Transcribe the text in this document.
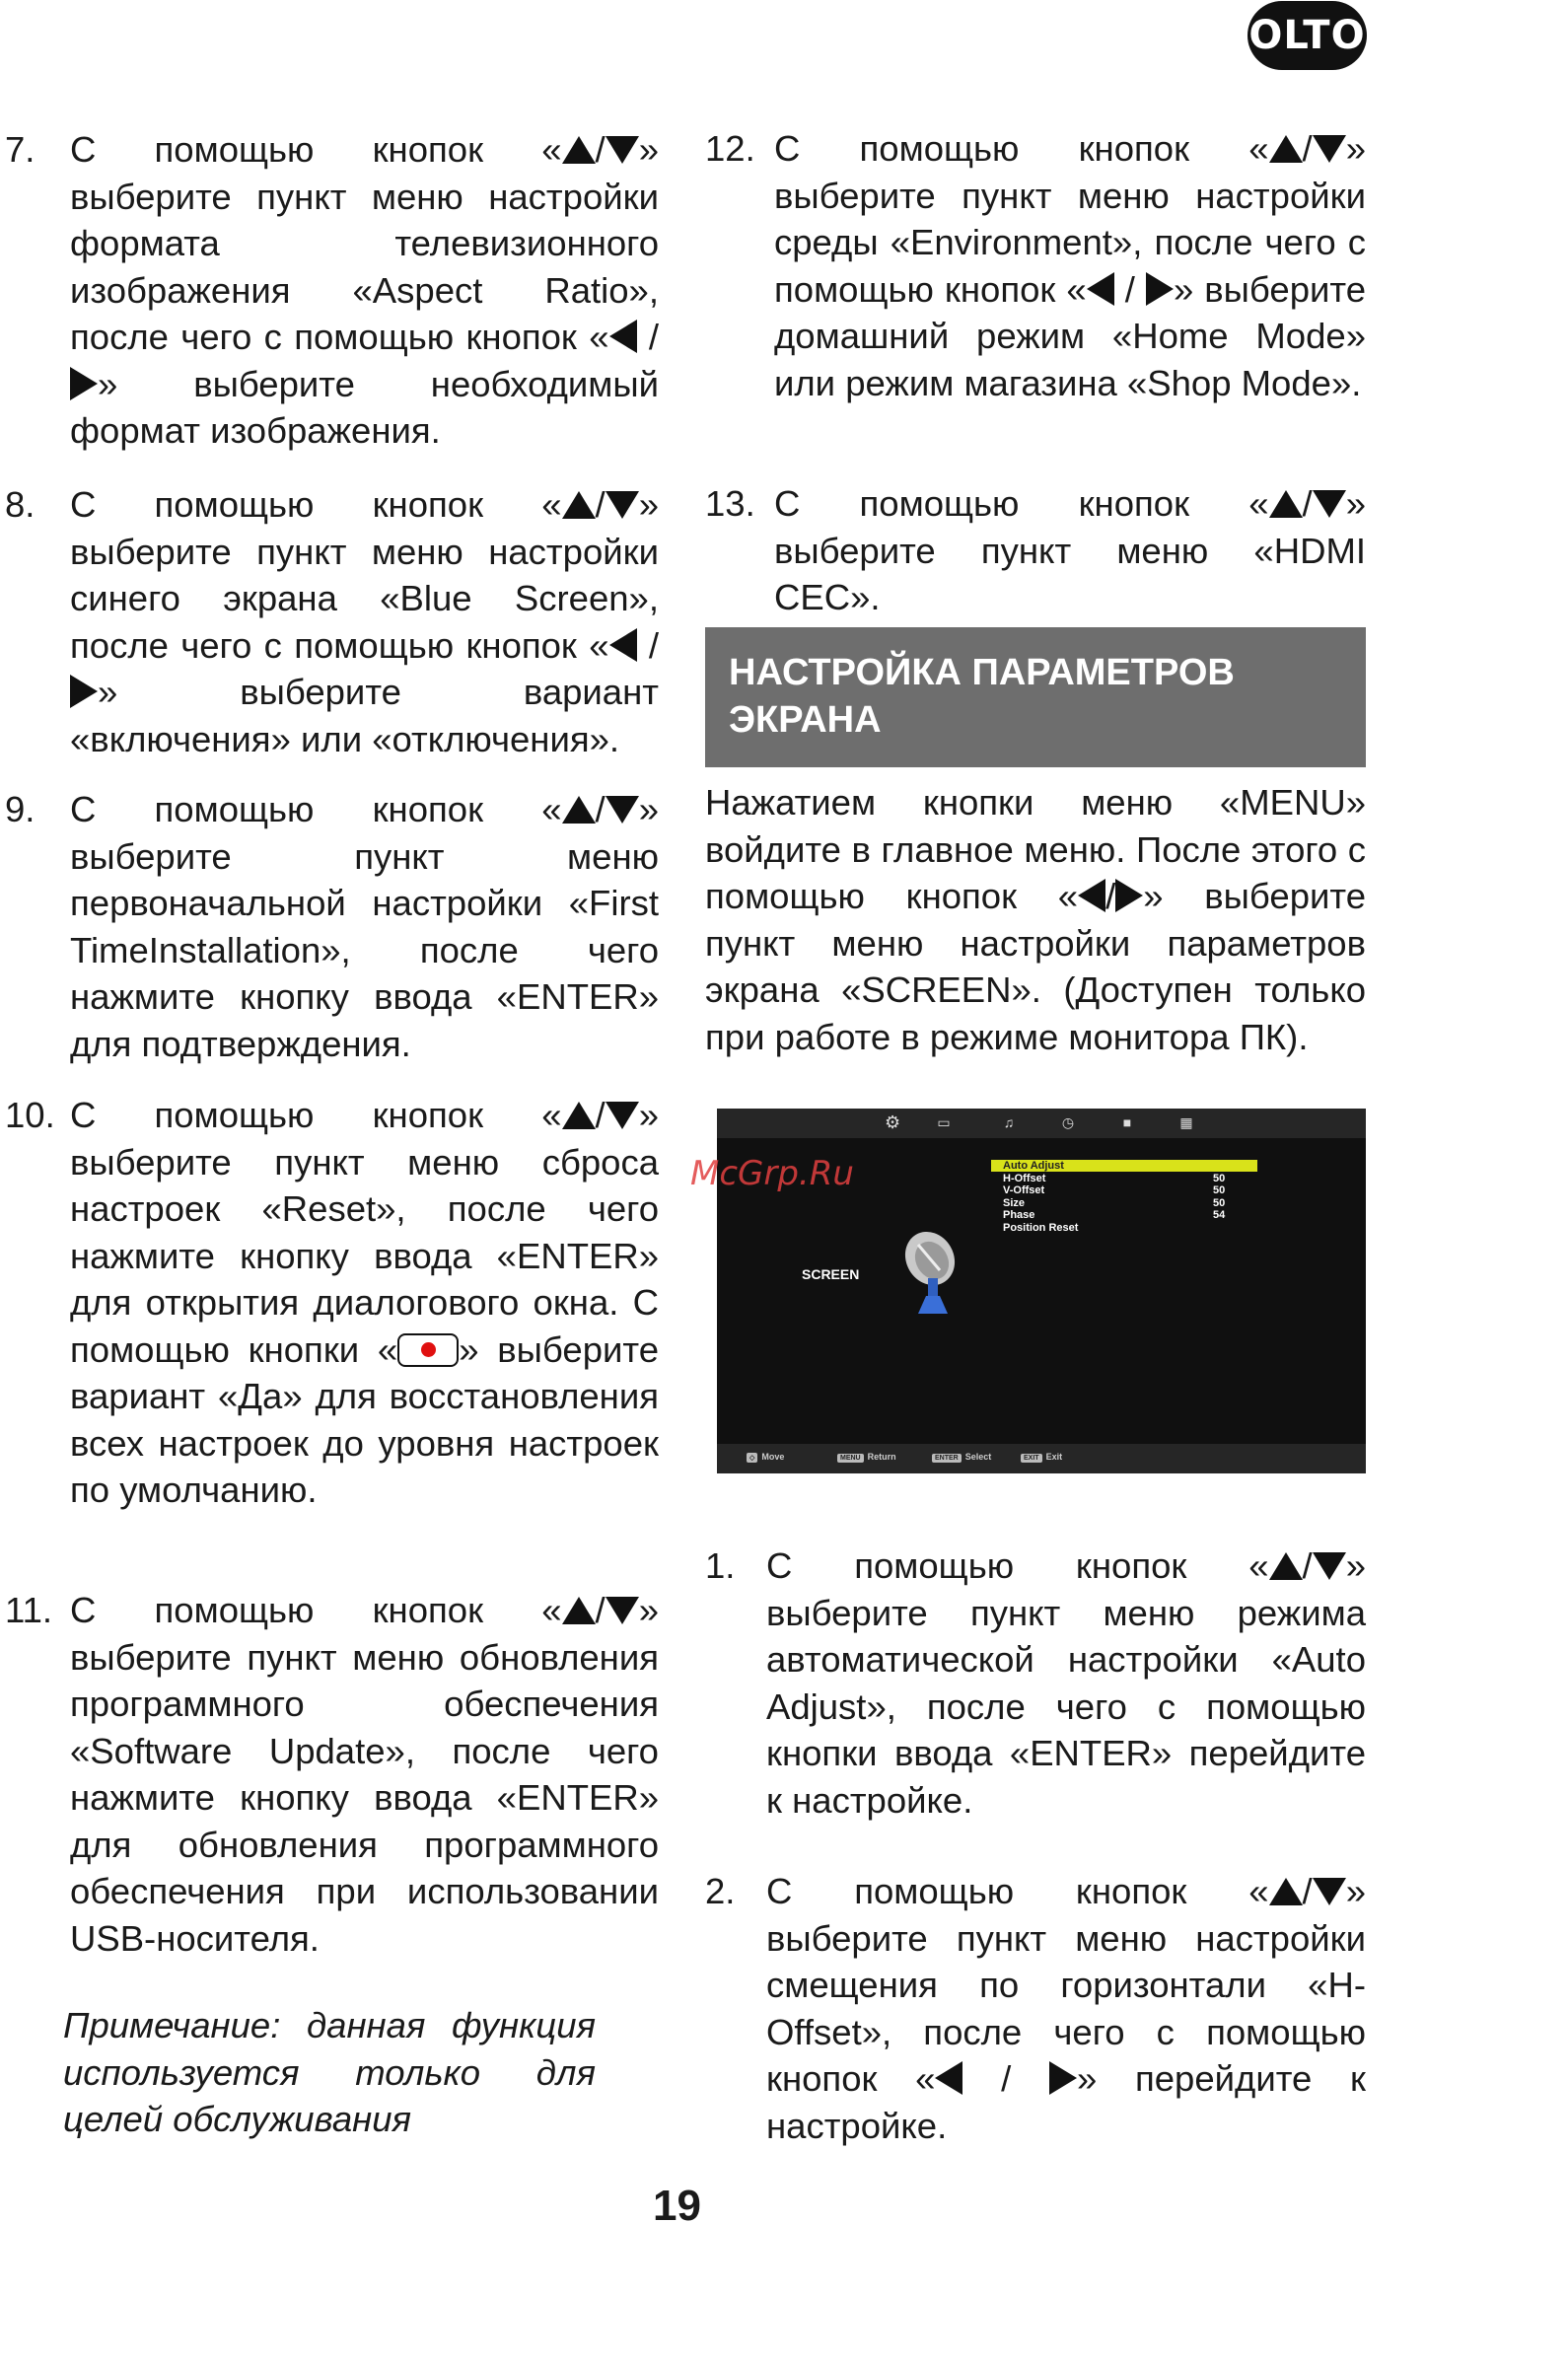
OLTO
7. С помощью кнопок « / » выберите пункт меню настройки формата телевизионного изображения «Aspect Ratio», после чего с помощью кнопок « / » выберите необходимый формат изображения.
8. С помощью кнопок « / » выберите пункт меню настройки синего экрана «Blue Screen», после чего с помощью кнопок « / » выберите вариант «включения» или «отключения».
9. С помощью кнопок « / » выберите пункт меню первоначальной настройки «First TimeInstallation», после чего нажмите кнопку ввода «ENTER» для подтверждения.
10. С помощью кнопок « / » выберите пункт меню сброса настроек «Reset», после чего нажмите кнопку ввода «ENTER» для открытия диалогового окна. С помощью кнопки « » выберите вариант «Да» для восстановления всех настроек до уровня настроек по умолчанию.
11. С помощью кнопок « / » выберите пункт меню обновления программного обеспечения «Software Update», после чего нажмите кнопку ввода «ENTER» для обновления программного обеспечения при использовании USB-носителя.
Примечание: данная функция используется только для целей обслуживания
12. С помощью кнопок « / » выберите пункт меню настройки среды «Environment», после чего с помощью кнопок « / » выберите домашний режим «Home Mode» или режим магазина «Shop Mode».
13. С помощью кнопок « / » выберите пункт меню «HDMI CEC».
НАСТРОЙКА ПАРАМЕТРОВ ЭКРАНА
Нажатием кнопки меню «MENU» войдите в главное меню. После этого с помощью кнопок « / » выберите пункт меню настройки параметров экрана «SCREEN». (Доступен только при работе в режиме монитора ПК).
⚙	▭	♫	◷	■	▦
SCREEN
Auto Adjust
H-Offset	50
V-Offset	50
Size	50
Phase	54
Position Reset
◇ Move	MENU Return	ENTER Select	EXIT Exit
McGrp.Ru
1. С помощью кнопок « / » выберите пункт меню режима автоматической настройки «Auto Adjust», после чего с помощью кнопки ввода «ENTER» перейдите к настройке.
2. С помощью кнопок « / » выберите пункт меню настройки смещения по горизонтали «H-Offset», после чего с помощью кнопок « / » перейдите к настройке.
19
